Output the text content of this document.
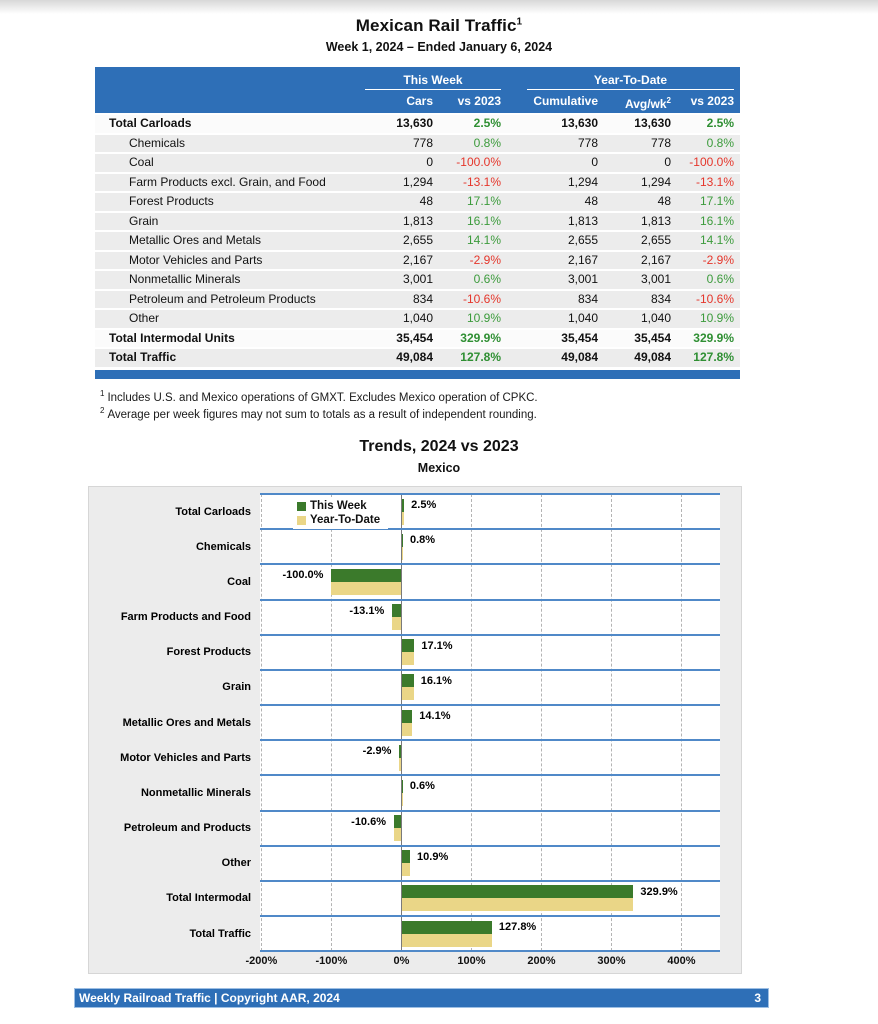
Mexican Rail Traffic$^1$
Week 1, 2024 – Ended January 6, 2024
This Week	Year-To-Date
Cars	vs 2023	Cumulative	Avg/$wk^2$	vs 2023
Total Carloads	13,630	2.5%	13,630	13,630	2.5%
Chemicals	778	0.8%	778	778	0.8%
Coal	0	-100.0%	0	0	-100.0%
Farm Products excl. Grain, and Food	1,294	-13.1%	1,294	1,294	-13.1%
Forest Products	48	17.1%	48	48	17.1%
Grain	1,813	16.1%	1,813	1,813	16.1%
Metallic Ores and Metals	2,655	14.1%	2,655	2,655	14.1%
Motor Vehicles and Parts	2,167	-2.9%	2,167	2,167	-2.9%
Nonmetallic Minerals	3,001	0.6%	3,001	3,001	0.6%
Petroleum and Petroleum Products	834	-10.6%	834	834	-10.6%
Other	1,040	10.9%	1,040	1,040	10.9%
Total Intermodal Units	35,454	329.9%	35,454	35,454	329.9%
Total Traffic	49,084	127.8%	49,084	49,084	127.8%
$^1$ Includes U.S. and Mexico operations of GMXT. Excludes Mexico operation of CPKC.
$^2$ Average per week figures may not sum to totals as a result of independent rounding.
Trends, 2024 vs 2023
Mexico
2.5%
0.8%
-100.0%
-13.1%
17.1%
16.1%
14.1%
-2.9%
0.6%
-10.6%
10.9%
329.9%
127.8%
Total Carloads
Chemicals
Coal
Farm Products and Food
Forest Products
Grain
Metallic Ores and Metals
Motor Vehicles and Parts
Nonmetallic Minerals
Petroleum and Products
Other
Total Intermodal
Total Traffic
-200%	-100%	0%	100%	200%	300%	400%
This Week
Year-To-Date
Weekly Railroad Traffic | Copyright AAR, 2024	3
